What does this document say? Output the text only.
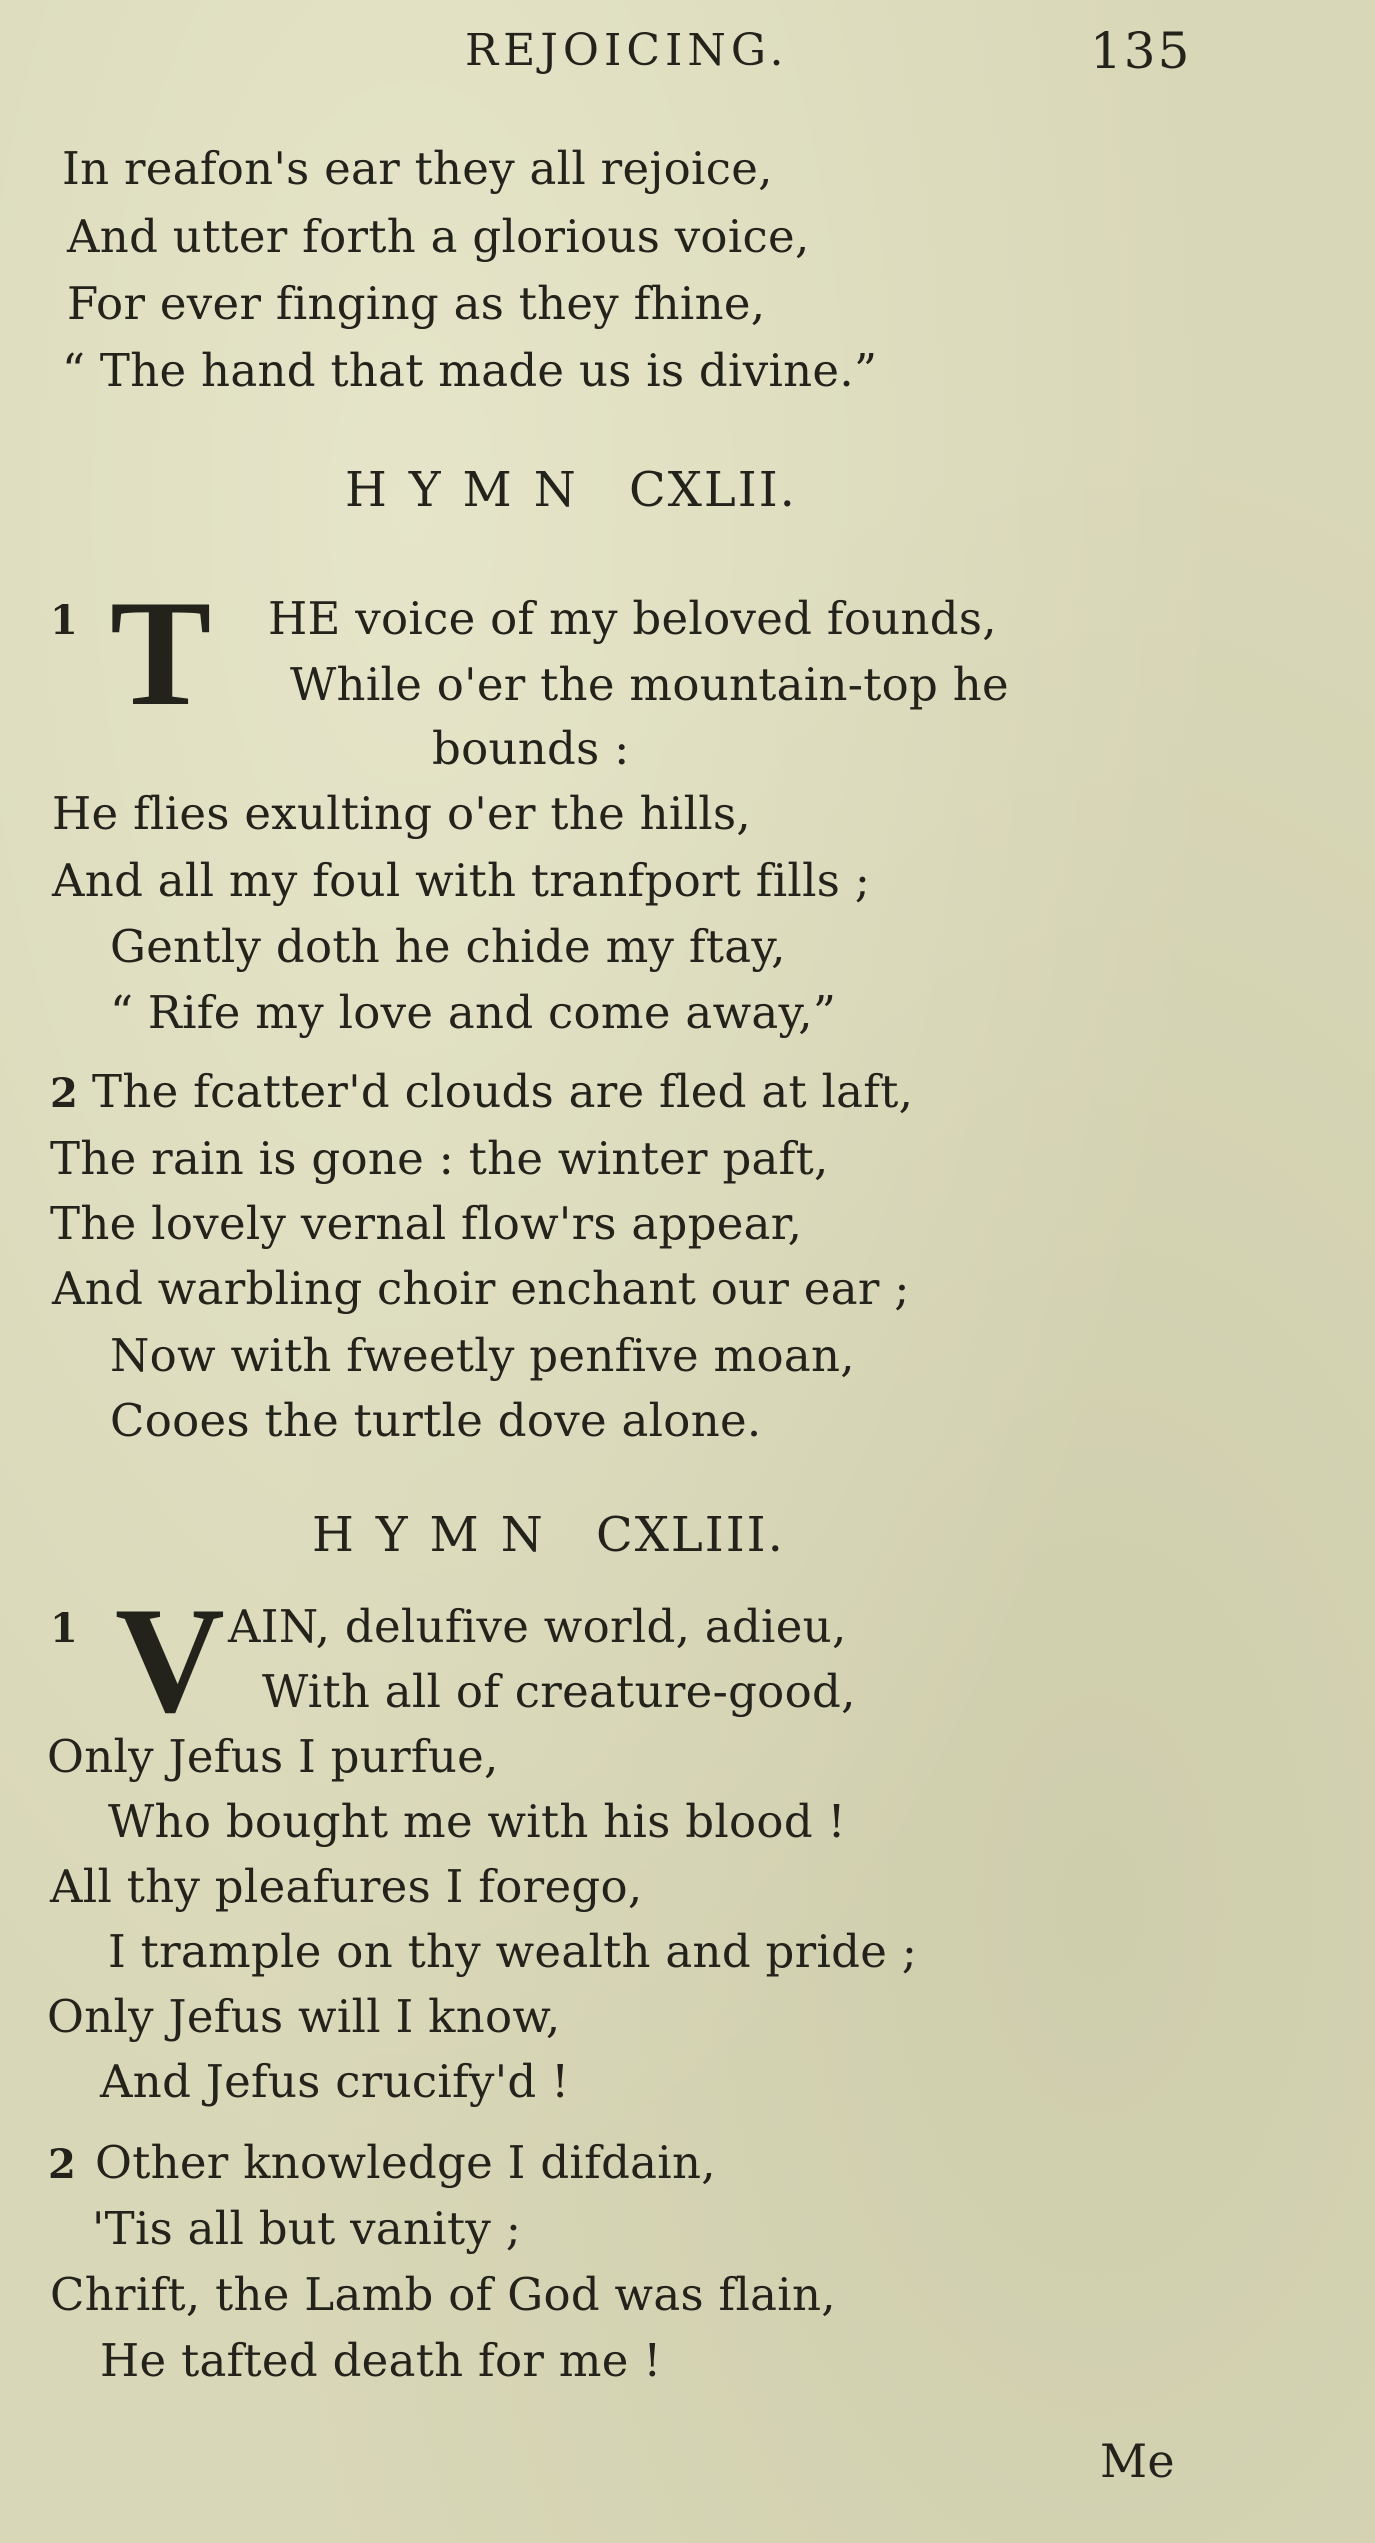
REJOICING.	135
In reafon's ear they all rejoice,
And utter forth a glorious voice,
For ever finging as they fhine,
“ The hand that made us is divine.”
HYMN CXLII.
1 T HE voice of my beloved founds,
While o'er the mountain-top he
bounds :
He flies exulting o'er the hills,
And all my foul with tranfport fills ;
Gently doth he chide my ftay,
“ Rife my love and come away,”
2 The fcatter'd clouds are fled at laft,
The rain is gone : the winter paft,
The lovely vernal flow'rs appear,
And warbling choir enchant our ear ;
Now with fweetly penfive moan,
Cooes the turtle dove alone.
HYMN CXLIII.
1 V AIN, delufive world, adieu,
With all of creature-good,
Only Jefus I purfue,
Who bought me with his blood !
All thy pleafures I forego,
I trample on thy wealth and pride ;
Only Jefus will I know,
And Jefus crucify'd !
2 Other knowledge I difdain,
'Tis all but vanity ;
Chrift, the Lamb of God was flain,
He tafted death for me !
Me
